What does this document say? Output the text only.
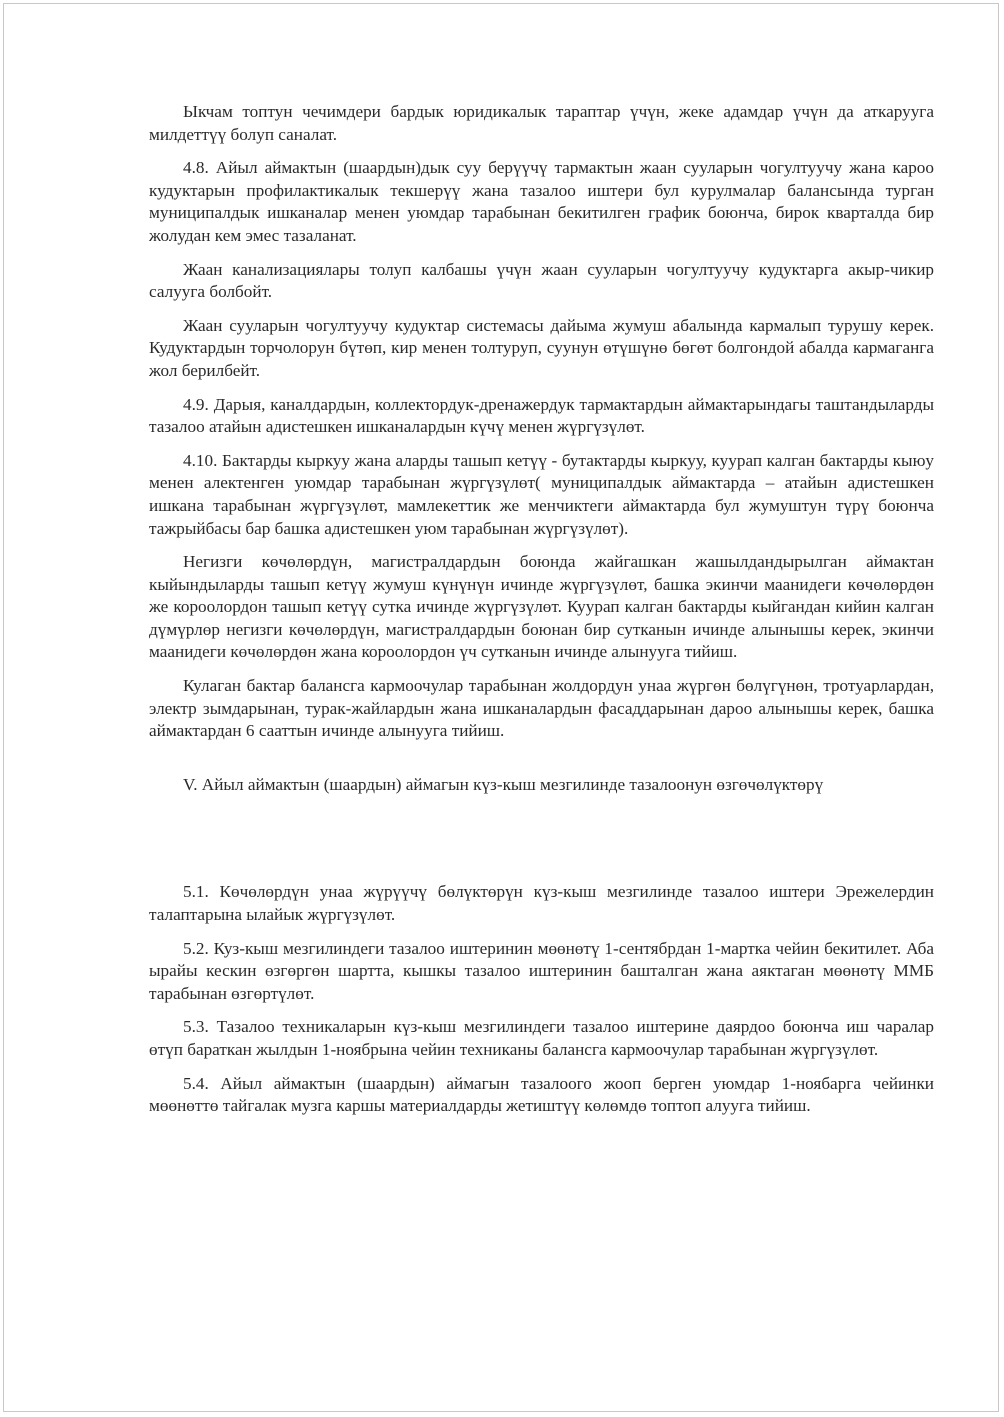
Ыкчам топтун чечимдери бардык юридикалык тараптар үчүн, жеке адамдар үчүн да аткарууга милдеттүү болуп саналат.

4.8. Айыл аймактын (шаардын)дык суу берүүчү тармактын жаан сууларын чогултуучу жана кароо кудуктарын профилактикалык текшерүү жана тазалоо иштери бул курулмалар балансында турган муниципалдык ишканалар менен уюмдар тарабынан бекитилген график боюнча, бирок кварталда бир жолудан кем эмес тазаланат.

Жаан канализациялары толуп калбашы үчүн жаан сууларын чогултуучу кудуктарга акыр-чикир салууга болбойт.

Жаан сууларын чогултуучу кудуктар системасы дайыма жумуш абалында кармалып турушу керек. Кудуктардын торчолорун бүтөп, кир менен толтуруп, суунун өтүшүнө бөгөт болгондой абалда кармаганга жол берилбейт.

4.9. Дарыя, каналдардын, коллектордук-дренажердук тармактардын аймактарындагы таштандыларды тазалоо атайын адистешкен ишканалардын күчү менен жүргүзүлөт.

4.10. Бактарды кыркуу жана аларды ташып кетүү - бутактарды кыркуу, куурап калган бактарды кыюу менен алектенген уюмдар тарабынан жүргүзүлөт( муниципалдык аймактарда – атайын адистешкен ишкана тарабынан жүргүзүлөт, мамлекеттик же менчиктеги аймактарда бул жумуштун түрү боюнча тажрыйбасы бар башка адистешкен уюм тарабынан жүргүзүлөт).

Негизги көчөлөрдүн, магистралдардын боюнда жайгашкан жашылдандырылган аймактан кыйындыларды ташып кетүү жумуш күнүнүн ичинде жүргүзүлөт, башка экинчи маанидеги көчөлөрдөн же короолордон ташып кетүү сутка ичинде жүргүзүлөт. Куурап калган бактарды кыйгандан кийин калган дүмүрлөр негизги көчөлөрдүн, магистралдардын боюнан бир сутканын ичинде алынышы керек, экинчи маанидеги көчөлөрдөн жана короолордон үч сутканын ичинде алынууга тийиш.

Кулаган бактар балансга кармоочулар тарабынан жолдордун унаа жүргөн бөлүгүнөн, тротуарлардан, электр зымдарынан, турак-жайлардын жана ишканалардын фасаддарынан дароо алынышы керек, башка аймактардан 6 сааттын ичинде алынууга тийиш.

V. Айыл аймактын (шаардын) аймагын күз-кыш мезгилинде тазалоонун өзгөчөлүктөрү

5.1. Көчөлөрдүн унаа жүрүүчү бөлүктөрүн күз-кыш мезгилинде тазалоо иштери Эрежелердин талаптарына ылайык жүргүзүлөт.

5.2. Куз-кыш мезгилиндеги тазалоо иштеринин мөөнөтү 1-сентябрдан 1-мартка чейин бекитилет. Аба ырайы кескин өзгөргөн шартта, кышкы тазалоо иштеринин башталган жана аяктаган мөөнөтү ММБ тарабынан өзгөртүлөт.

5.3. Тазалоо техникаларын күз-кыш мезгилиндеги тазалоо иштерине даярдоо боюнча иш чаралар өтүп бараткан жылдын 1-ноябрына чейин техниканы балансга кармоочулар тарабынан жүргүзүлөт.

5.4. Айыл аймактын (шаардын) аймагын тазалоого жооп берген уюмдар 1-ноябарга чейинки мөөнөттө тайгалак музга каршы материалдарды жетиштүү көлөмдө топтоп алууга тийиш.
